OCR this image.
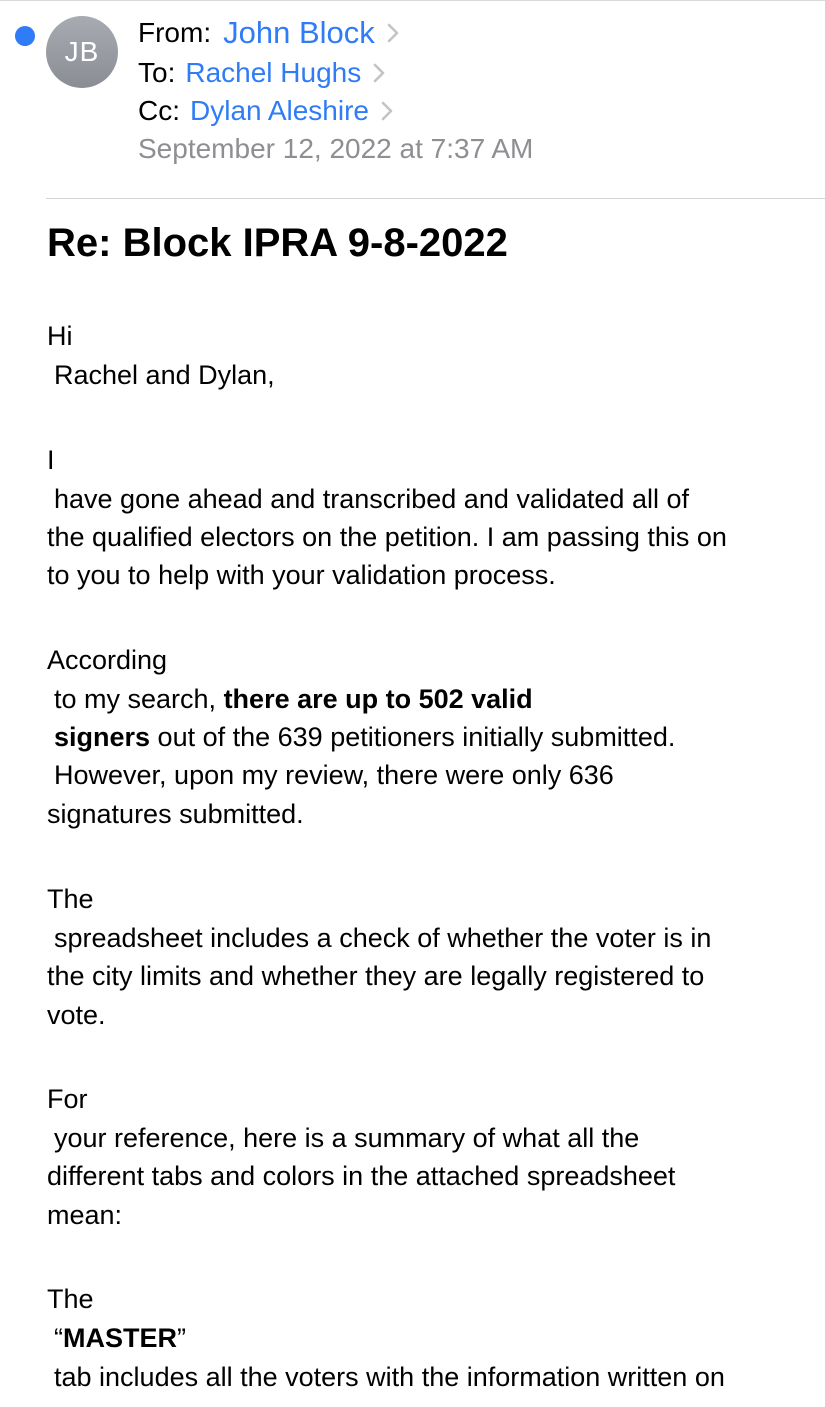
JB
From: John Block
To: Rachel Hughs
Cc: Dylan Aleshire
September 12, 2022 at 7:37 AM
Re: Block IPRA 9-8-2022
Hi
Rachel and Dylan,
I
have gone ahead and transcribed and validated all of
the qualified electors on the petition. I am passing this on
to you to help with your validation process.
According
to my search, there are up to 502 valid
signers out of the 639 petitioners initially submitted.
However, upon my review, there were only 636
signatures submitted.
The
spreadsheet includes a check of whether the voter is in
the city limits and whether they are legally registered to
vote.
For
your reference, here is a summary of what all the
different tabs and colors in the attached spreadsheet
mean:
The
“MASTER”
tab includes all the voters with the information written on
